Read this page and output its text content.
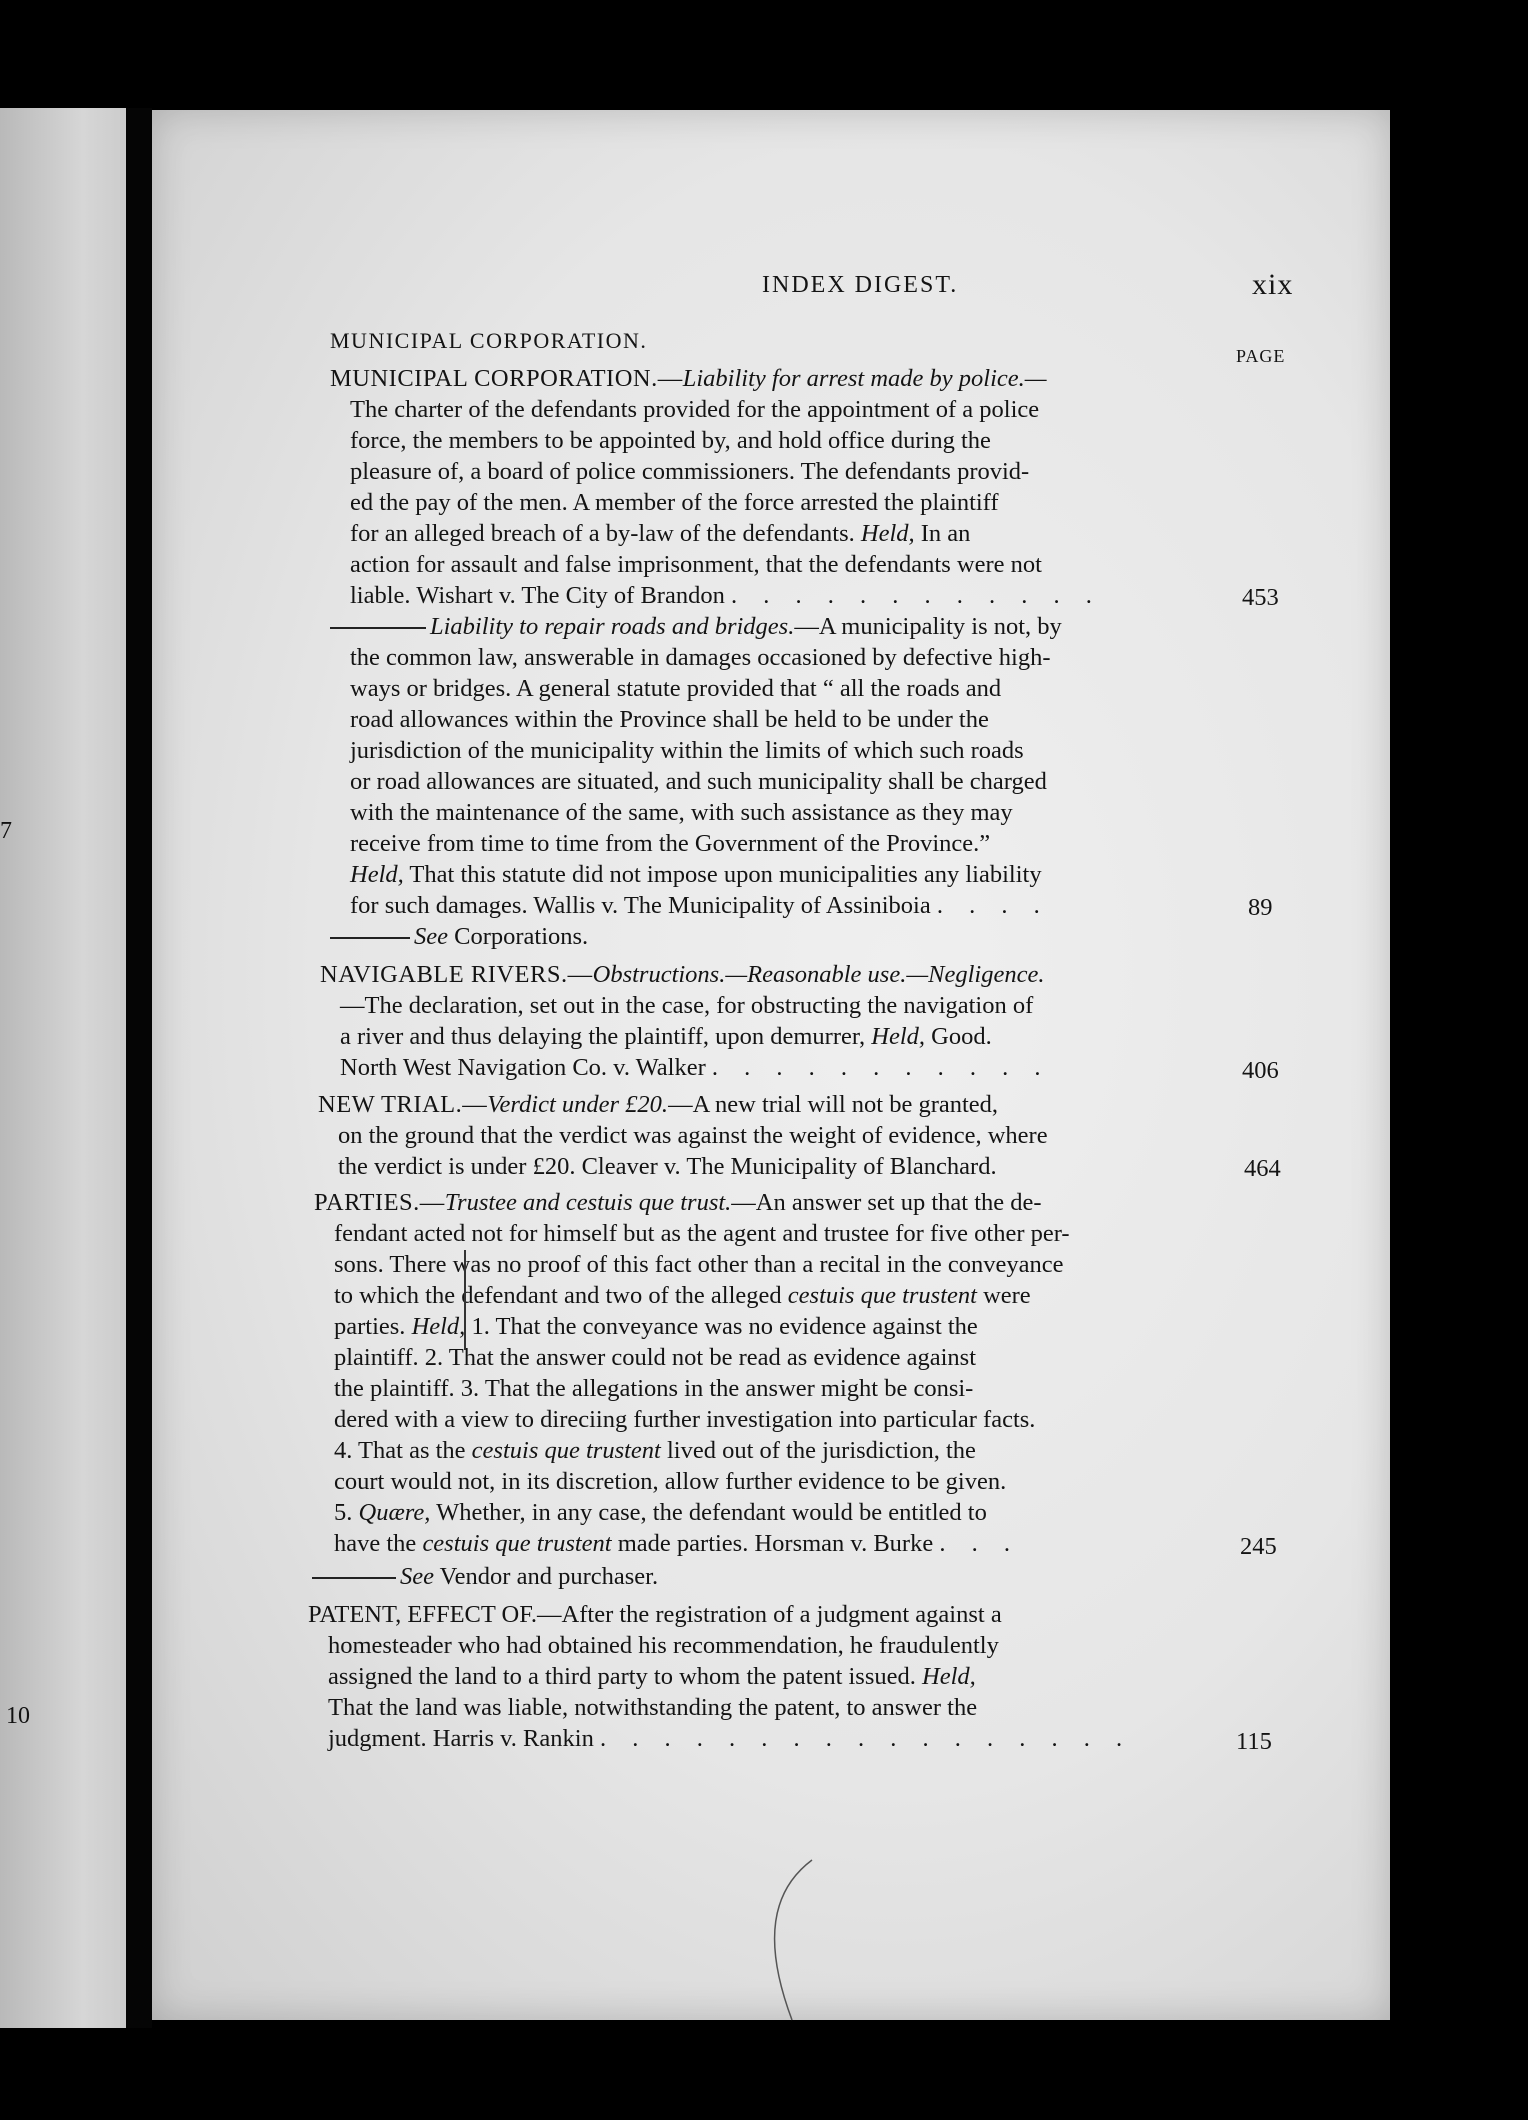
7
10
INDEX DIGEST.	xix
MUNICIPAL CORPORATION.
PAGE
MUNICIPAL CORPORATION.—Liability for arrest made by police.—
The charter of the defendants provided for the appointment of a police
force, the members to be appointed by, and hold office during the
pleasure of, a board of police commissioners. The defendants provid-
ed the pay of the men. A member of the force arrested the plaintiff
for an alleged breach of a by-law of the defendants. Held, In an
action for assault and false imprisonment, that the defendants were not
liable. Wishart v. The City of Brandon . . . . . . . . . . . .	453
Liability to repair roads and bridges.—A municipality is not, by
the common law, answerable in damages occasioned by defective high-
ways or bridges. A general statute provided that “ all the roads and
road allowances within the Province shall be held to be under the
jurisdiction of the municipality within the limits of which such roads
or road allowances are situated, and such municipality shall be charged
with the maintenance of the same, with such assistance as they may
receive from time to time from the Government of the Province.”
Held, That this statute did not impose upon municipalities any liability
for such damages. Wallis v. The Municipality of Assiniboia . . . .	89
See Corporations.
NAVIGABLE RIVERS.—Obstructions.—Reasonable use.—Negligence.
—The declaration, set out in the case, for obstructing the navigation of
a river and thus delaying the plaintiff, upon demurrer, Held, Good.
North West Navigation Co. v. Walker . . . . . . . . . . .	406
NEW TRIAL.—Verdict under £20.—A new trial will not be granted,
on the ground that the verdict was against the weight of evidence, where
the verdict is under £20. Cleaver v. The Municipality of Blanchard.	464
PARTIES.—Trustee and cestuis que trust.—An answer set up that the de-
fendant acted not for himself but as the agent and trustee for five other per-
sons. There was no proof of this fact other than a recital in the conveyance
to which the defendant and two of the alleged cestuis que trustent were
parties. Held, 1. That the conveyance was no evidence against the
plaintiff. 2. That the answer could not be read as evidence against
the plaintiff. 3. That the allegations in the answer might be consi-
dered with a view to direciing further investigation into particular facts.
4. That as the cestuis que trustent lived out of the jurisdiction, the
court would not, in its discretion, allow further evidence to be given.
5. Quære, Whether, in any case, the defendant would be entitled to
have the cestuis que trustent made parties. Horsman v. Burke . . .	245
See Vendor and purchaser.
PATENT, EFFECT OF.—After the registration of a judgment against a
homesteader who had obtained his recommendation, he fraudulently
assigned the land to a third party to whom the patent issued. Held,
That the land was liable, notwithstanding the patent, to answer the
judgment. Harris v. Rankin . . . . . . . . . . . . . . . . .	115
